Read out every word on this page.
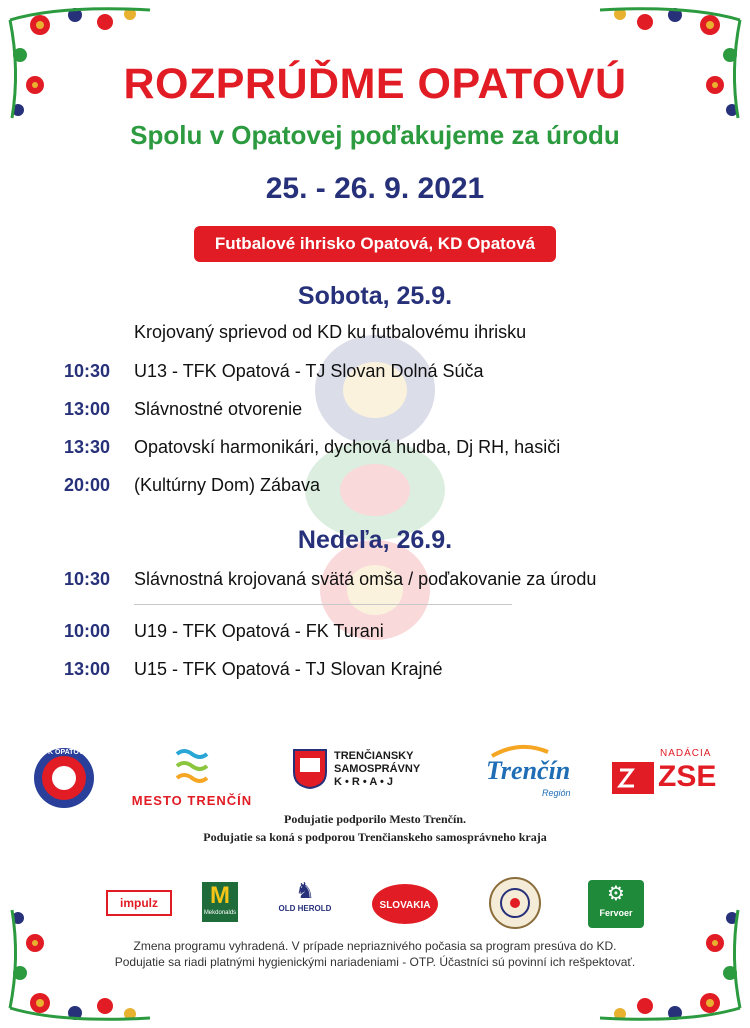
ROZPRÚĎME OPATOVÚ
Spolu v Opatovej poďakujeme za úrodu
25. - 26. 9. 2021
Futbalové ihrisko Opatová, KD Opatová
Sobota, 25.9.
Krojovaný sprievod od KD ku futbalovému ihrisku
10:30 U13 - TFK Opatová - TJ Slovan Dolná Súča
13:00 Slávnostné otvorenie
13:30 Opatovskí harmonikári, dychová hudba, Dj RH, hasiči
20:00 (Kultúrny Dom) Zábava
Nedeľa, 26.9.
10:30 Slávnostná krojovaná svätá omša / poďakovanie za úrodu
10:00 U19 - TFK Opatová - FK Turani
13:00 U15 - TFK Opatová - TJ Slovan Krajné
TFK OPATOVÁ
MESTO TRENČÍN
TRENČIANSKY
SAMOSPRÁVNY
K • R • A • J	Trenčín
Región
NADÁCIA
ZSE
Podujatie podporilo Mesto Trenčín.
Podujatie sa koná s podporou Trenčianskeho samosprávneho kraja
impulz	M
Mekdonalds
♞
OLD HEROLD	SLOVAKIA
⚙
Fervoer
Zmena programu vyhradená. V prípade nepriaznivého počasia sa program presúva do KD.
Podujatie sa riadi platnými hygienickými nariadeniami - OTP. Účastníci sú povinní ich rešpektovať.
